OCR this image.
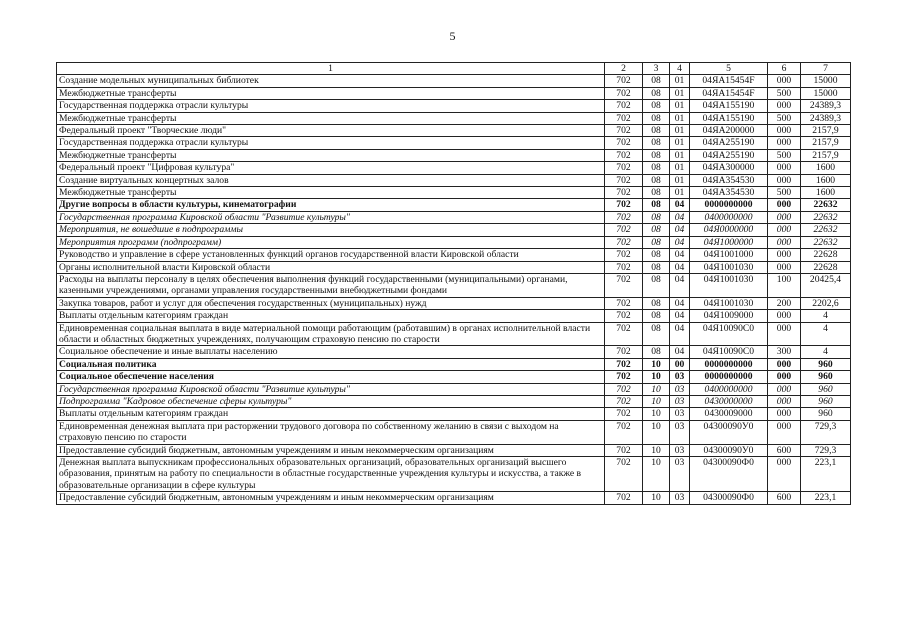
5
1	2	3	4	5	6	7
Создание модельных муниципальных библиотек	702	08	01	04ЯА15454F	000	15000
Межбюджетные трансферты	702	08	01	04ЯА15454F	500	15000
Государственная поддержка отрасли культуры	702	08	01	04ЯА155190	000	24389,3
Межбюджетные трансферты	702	08	01	04ЯА155190	500	24389,3
Федеральный проект "Творческие люди"	702	08	01	04ЯА200000	000	2157,9
Государственная поддержка отрасли культуры	702	08	01	04ЯА255190	000	2157,9
Межбюджетные трансферты	702	08	01	04ЯА255190	500	2157,9
Федеральный проект "Цифровая культура"	702	08	01	04ЯА300000	000	1600
Создание виртуальных концертных залов	702	08	01	04ЯА354530	000	1600
Межбюджетные трансферты	702	08	01	04ЯА354530	500	1600
Другие вопросы в области культуры, кинематографии	702	08	04	0000000000	000	22632
Государственная программа Кировской области "Развитие культуры"	702	08	04	0400000000	000	22632
Мероприятия, не вошедшие в подпрограммы	702	08	04	04Я0000000	000	22632
Мероприятия программ (подпрограмм)	702	08	04	04Я1000000	000	22632
Руководство и управление в сфере установленных функций органов государственной власти Кировской области	702	08	04	04Я1001000	000	22628
Органы исполнительной власти Кировской области	702	08	04	04Я1001030	000	22628
Расходы на выплаты персоналу в целях обеспечения выполнения функций государственными (муниципальными) органами, казенными учреждениями, органами управления государственными внебюджетными фондами	702	08	04	04Я1001030	100	20425,4
Закупка товаров, работ и услуг для обеспечения государственных (муниципальных) нужд	702	08	04	04Я1001030	200	2202,6
Выплаты отдельным категориям граждан	702	08	04	04Я1009000	000	4
Единовременная социальная выплата в виде материальной помощи работающим (работавшим) в органах исполнительной власти области и областных бюджетных учреждениях, получающим страховую пенсию по старости	702	08	04	04Я10090С0	000	4
Социальное обеспечение и иные выплаты населению	702	08	04	04Я10090С0	300	4
Социальная политика	702	10	00	0000000000	000	960
Социальное обеспечение населения	702	10	03	0000000000	000	960
Государственная программа Кировской области "Развитие культуры"	702	10	03	0400000000	000	960
Подпрограмма "Кадровое обеспечение сферы культуры"	702	10	03	0430000000	000	960
Выплаты отдельным категориям граждан	702	10	03	0430009000	000	960
Единовременная денежная выплата при расторжении трудового договора по собственному желанию в связи с выходом на страховую пенсию по старости	702	10	03	04300090У0	000	729,3
Предоставление субсидий бюджетным, автономным учреждениям и иным некоммерческим организациям	702	10	03	04300090У0	600	729,3
Денежная выплата выпускникам профессиональных образовательных организаций, образовательных организаций высшего образования, принятым на работу по специальности в областные государственные учреждения культуры и искусства, а также в образовательные организации в сфере культуры	702	10	03	04300090Ф0	000	223,1
Предоставление субсидий бюджетным, автономным учреждениям и иным некоммерческим организациям	702	10	03	04300090Ф0	600	223,1
